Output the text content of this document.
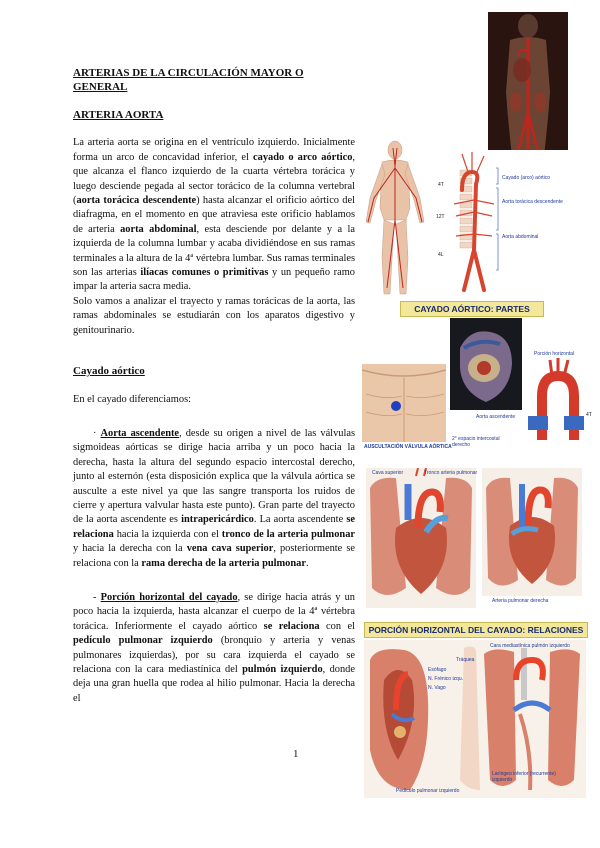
ARTERIAS DE LA CIRCULACIÓN MAYOR O
GENERAL

ARTERIA AORTA

La arteria aorta se origina en el ventrículo izquierdo. Inicialmente forma un arco de concavidad inferior, el cayado o arco aórtico, que alcanza el flanco izquierdo de la cuarta vértebra torácica y luego desciende pegada al sector torácico de la columna vertebral (aorta torácica descendente) hasta alcanzar el orificio aórtico del diafragma, en el momento en que atraviesa este orificio hablamos de arteria aorta abdominal, esta desciende por delante y a la izquierda de la columna lumbar y acaba dividiéndose en sus ramas terminales a la altura de la 4ª vértebra lumbar. Sus ramas terminales son las arterias ilíacas comunes o primitivas y un pequeño ramo impar la arteria sacra media.

Solo vamos a analizar el trayecto y ramas torácicas de la aorta, las ramas abdominales se estudiarán con los aparatos digestivo y genitourinario.

Cayado aórtico

En el cayado diferenciamos:

· Aorta ascendente, desde su origen a nivel de las válvulas sigmoideas aórticas se dirige hacia arriba y un poco hacia la derecha, hasta la altura del segundo espacio intercostal derecho, junto al esternón (esta disposición explica que la válvula aórtica se ausculte a este nivel ya que las sangre transporta los ruidos de cierre y apertura valvular hasta este punto). Gran parte del trayecto de la aorta ascendente es intrapericárdico. La aorta ascendente se relaciona hacia la izquierda con el tronco de la arteria pulmonar y hacia la derecha con la vena cava superior, posteriormente se relaciona con la rama derecha de la arteria pulmonar.

- Porción horizontal del cayado, se dirige hacia atrás y un poco hacia la izquierda, hasta alcanzar el cuerpo de la 4ª vértebra torácica. Inferiormente el cayado aórtico se relaciona con el pedículo pulmonar izquierdo (bronquio y arteria y venas pulmonares izquierdas), por su cara izquierda el cayado se relaciona con la cara mediastínica del pulmón izquierdo, donde deja una gran huella que rodea al hilio pulmonar. Hacia la derecha el

1
Cayado (arco) aórtico
Aorta torácica descendente
Aorta abdominal
4T
12T
4L
CAYADO AÓRTICO: PARTES
AUSCULTACIÓN VÁLVULA AÓRTICA
2° espacio intercostal derecho
Aorta ascendente
Porción horizontal
4T
Cava superior	Tronco arteria pulmonar
Arteria pulmonar derecha
PORCIÓN HORIZONTAL DEL CAYADO: RELACIONES
Cara mediastínica pulmón izquierdo
Tráquea
Esófago
N. Frénico izqu.
N. Vago
Laríngeo inferior (recurrente) izquierdo
Pedículo pulmonar izquierdo
